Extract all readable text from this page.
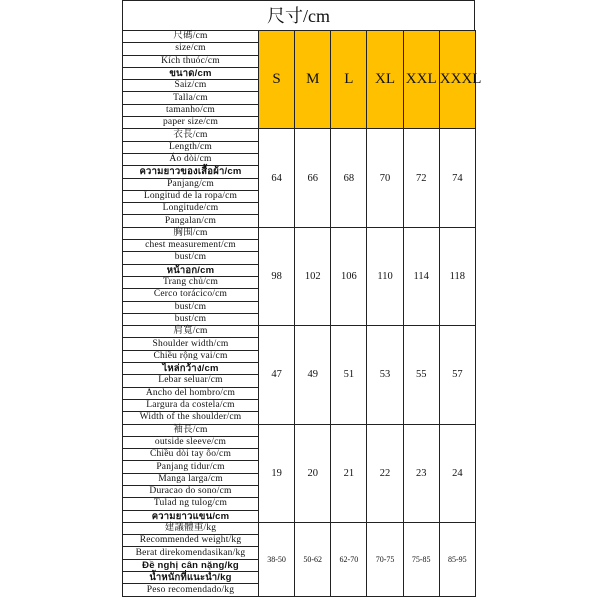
尺寸/cm
尺碼/cm	S	M	L	XL	XXL	XXXL
size/cm						
Kích thuóc/cm						
ขนาด/cm						
Saiz/cm						
Talla/cm						
tamanho/cm						
paper size/cm						
衣長/cm	64	66	68	70	72	74
Length/cm						
Áo dòi/cm						
ความยาวของเสื้อผ้า/cm						
Panjang/cm						
Longitud de la ropa/cm						
Longitude/cm						
Pangalan/cm						
胸围/cm	98	102	106	110	114	118
chest measurement/cm						
bust/cm						
หน้าอก/cm						
Trang chủ/cm						
Cerco torácico/cm						
bust/cm						
bust/cm						
肩寬/cm	47	49	51	53	55	57
Shoulder width/cm						
Chiều rộng vai/cm						
ไหล่กว้าง/cm						
Lebar seluar/cm						
Ancho del hombro/cm						
Largura da costela/cm						
Width of the shoulder/cm						
袖長/cm	19	20	21	22	23	24
outside sleeve/cm						
Chiều dòi tay ôo/cm						
Panjang tidur/cm						
Manga larga/cm						
Duracao do sono/cm						
Tulad ng tulog/cm						
ความยาวแขน/cm						
建議體重/kg	38-50	50-62	62-70	70-75	75-85	85-95
Recommended weight/kg						
Berat direkomendasikan/kg						
Đề nghị cân nặng/kg						
น้ำหนักที่แนะนำ/kg						
Peso recomendado/kg						
